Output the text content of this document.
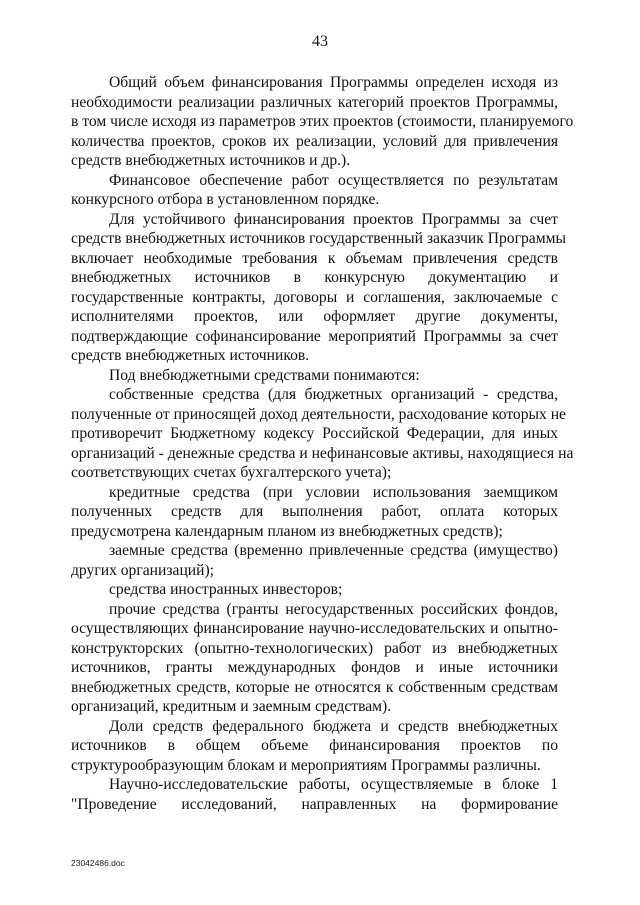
43
Общий объем финансирования Программы определен исходя из
необходимости реализации различных категорий проектов Программы,
в том числе исходя из параметров этих проектов (стоимости, планируемого
количества проектов, сроков их реализации, условий для привлечения
средств внебюджетных источников и др.).
Финансовое обеспечение работ осуществляется по результатам
конкурсного отбора в установленном порядке.
Для устойчивого финансирования проектов Программы за счет
средств внебюджетных источников государственный заказчик Программы
включает необходимые требования к объемам привлечения средств
внебюджетных источников в конкурсную документацию и
государственные контракты, договоры и соглашения, заключаемые с
исполнителями проектов, или оформляет другие документы,
подтверждающие софинансирование мероприятий Программы за счет
средств внебюджетных источников.
Под внебюджетными средствами понимаются:
собственные средства (для бюджетных организаций - средства,
полученные от приносящей доход деятельности, расходование которых не
противоречит Бюджетному кодексу Российской Федерации, для иных
организаций - денежные средства и нефинансовые активы, находящиеся на
соответствующих счетах бухгалтерского учета);
кредитные средства (при условии использования заемщиком
полученных средств для выполнения работ, оплата которых
предусмотрена календарным планом из внебюджетных средств);
заемные средства (временно привлеченные средства (имущество)
других организаций);
средства иностранных инвесторов;
прочие средства (гранты негосударственных российских фондов,
осуществляющих финансирование научно-исследовательских и опытно-
конструкторских (опытно-технологических) работ из внебюджетных
источников, гранты международных фондов и иные источники
внебюджетных средств, которые не относятся к собственным средствам
организаций, кредитным и заемным средствам).
Доли средств федерального бюджета и средств внебюджетных
источников в общем объеме финансирования проектов по
структурообразующим блокам и мероприятиям Программы различны.
Научно-исследовательские работы, осуществляемые в блоке 1
"Проведение исследований, направленных на формирование
23042486.doc
